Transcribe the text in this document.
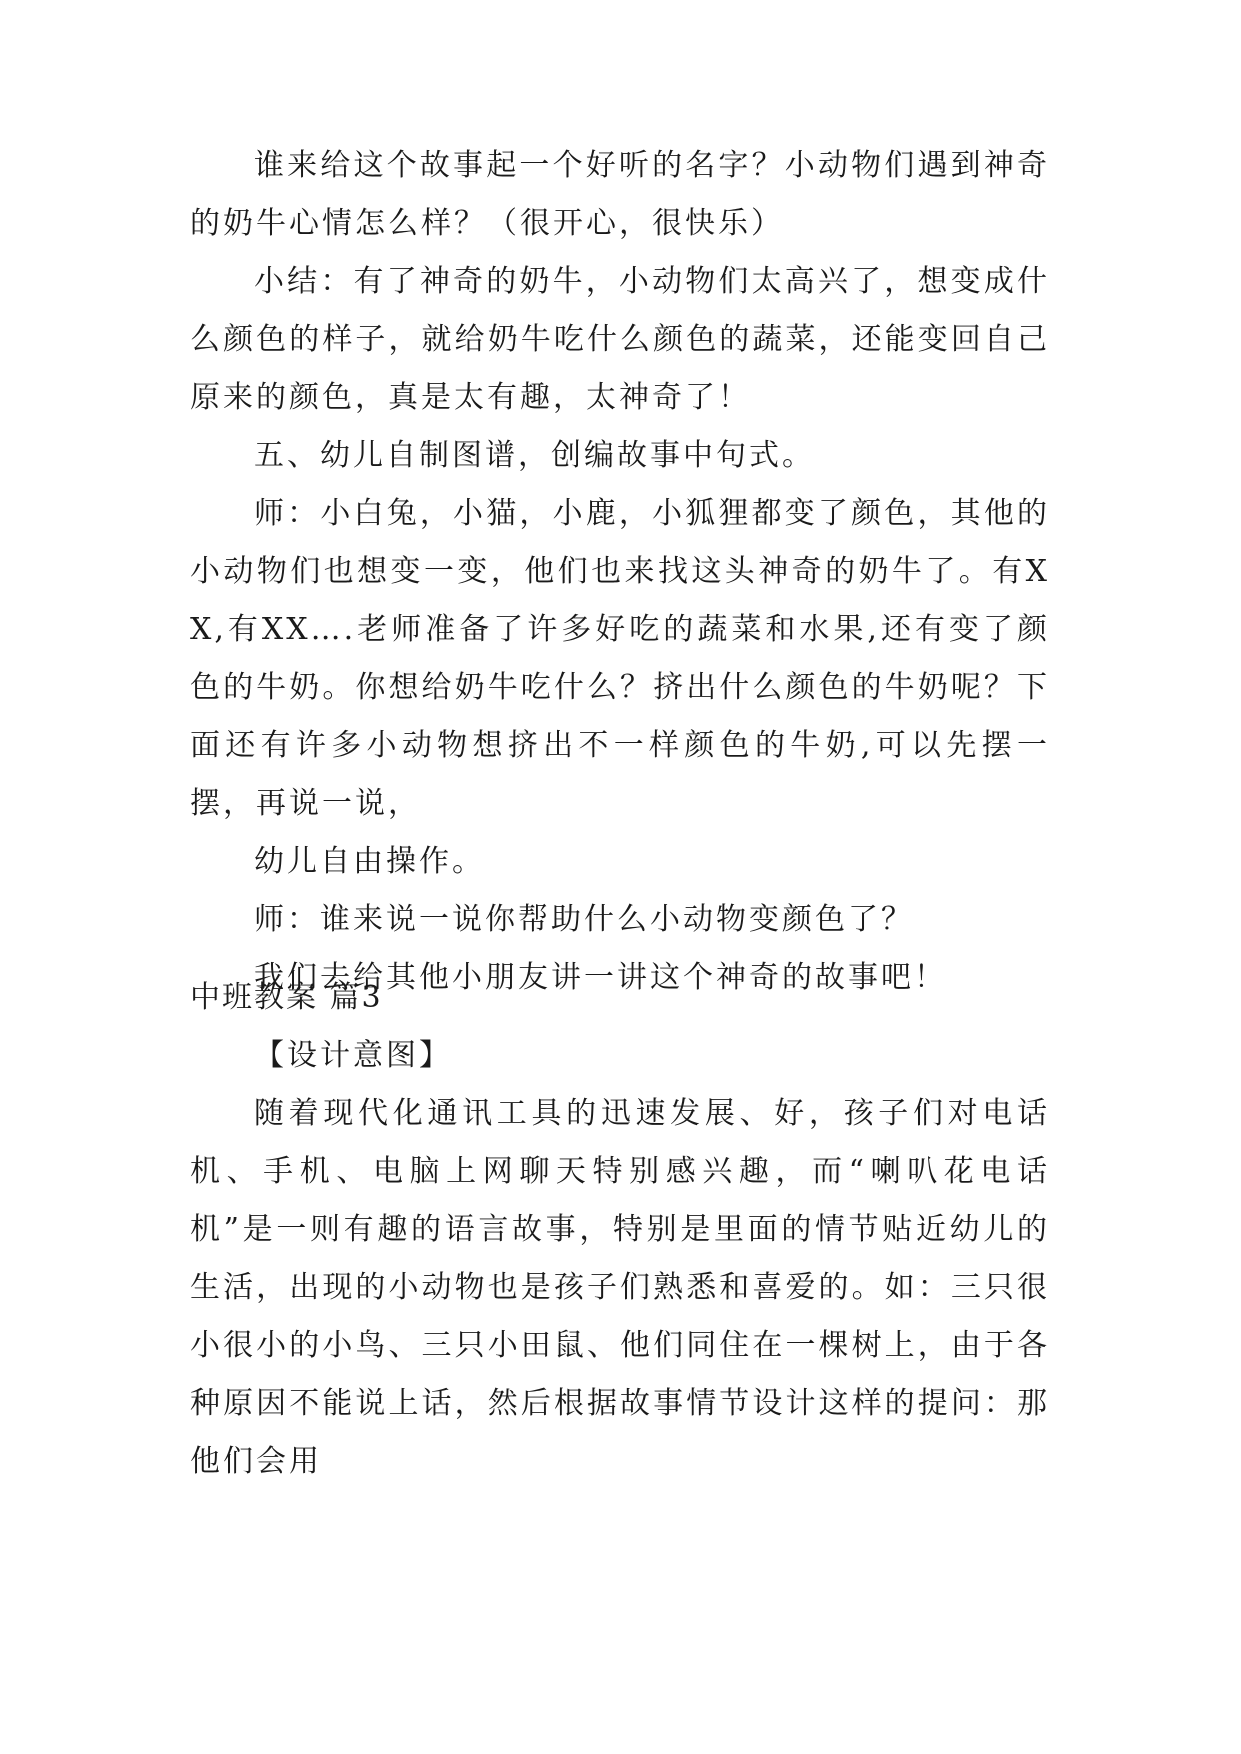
谁来给这个故事起一个好听的名字？小动物们遇到神奇的奶牛心情怎么样？（很开心，很快乐）

小结：有了神奇的奶牛，小动物们太高兴了，想变成什么颜色的样子，就给奶牛吃什么颜色的蔬菜，还能变回自己原来的颜色，真是太有趣，太神奇了！

五、幼儿自制图谱，创编故事中句式。

师：小白兔，小猫，小鹿，小狐狸都变了颜色，其他的小动物们也想变一变，他们也来找这头神奇的奶牛了。有XX,有XX….老师准备了许多好吃的蔬菜和水果,还有变了颜色的牛奶。你想给奶牛吃什么？挤出什么颜色的牛奶呢？下面还有许多小动物想挤出不一样颜色的牛奶,可以先摆一摆，再说一说，

幼儿自由操作。

师：谁来说一说你帮助什么小动物变颜色了？

我们去给其他小朋友讲一讲这个神奇的故事吧！

中班教案 篇3

【设计意图】

随着现代化通讯工具的迅速发展、好，孩子们对电话机、手机、电脑上网聊天特别感兴趣，而“喇叭花电话机”是一则有趣的语言故事，特别是里面的情节贴近幼儿的生活，出现的小动物也是孩子们熟悉和喜爱的。如：三只很小很小的小鸟、三只小田鼠、他们同住在一棵树上，由于各种原因不能说上话，然后根据故事情节设计这样的提问：那他们会用
